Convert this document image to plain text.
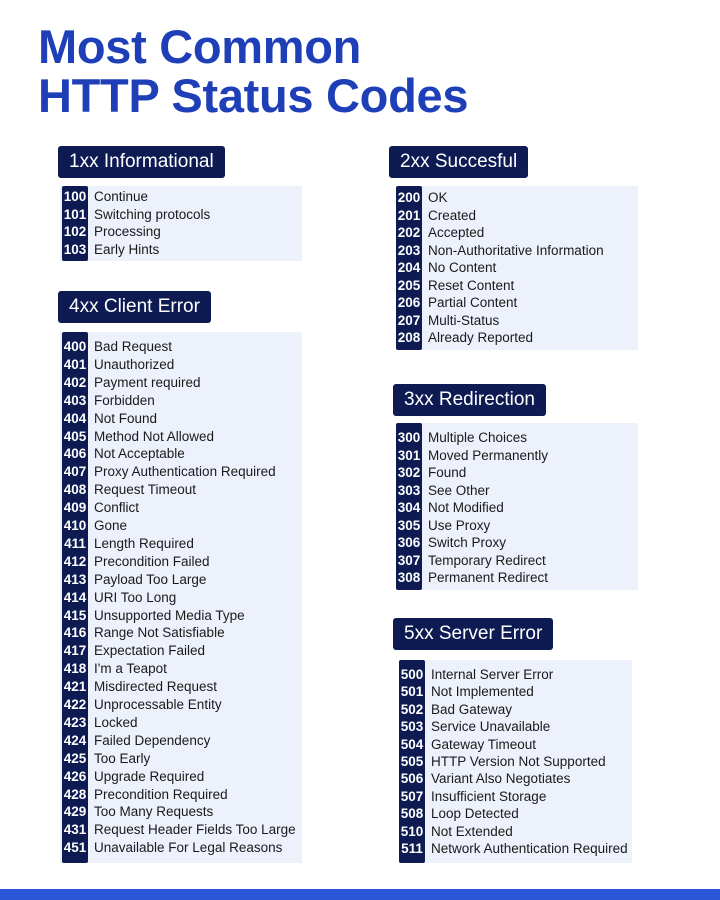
Most Common
HTTP Status Codes
1xx Informational
100 Continue
101 Switching protocols
102 Processing
103 Early Hints
4xx Client Error
400 Bad Request
401 Unauthorized
402 Payment required
403 Forbidden
404 Not Found
405 Method Not Allowed
406 Not Acceptable
407 Proxy Authentication Required
408 Request Timeout
409 Conflict
410 Gone
411 Length Required
412 Precondition Failed
413 Payload Too Large
414 URI Too Long
415 Unsupported Media Type
416 Range Not Satisfiable
417 Expectation Failed
418 I'm a Teapot
421 Misdirected Request
422 Unprocessable Entity
423 Locked
424 Failed Dependency
425 Too Early
426 Upgrade Required
428 Precondition Required
429 Too Many Requests
431 Request Header Fields Too Large
451 Unavailable For Legal Reasons
2xx Succesful
200 OK
201 Created
202 Accepted
203 Non-Authoritative Information
204 No Content
205 Reset Content
206 Partial Content
207 Multi-Status
208 Already Reported
3xx Redirection
300 Multiple Choices
301 Moved Permanently
302 Found
303 See Other
304 Not Modified
305 Use Proxy
306 Switch Proxy
307 Temporary Redirect
308 Permanent Redirect
5xx Server Error
500 Internal Server Error
501 Not Implemented
502 Bad Gateway
503 Service Unavailable
504 Gateway Timeout
505 HTTP Version Not Supported
506 Variant Also Negotiates
507 Insufficient Storage
508 Loop Detected
510 Not Extended
511 Network Authentication Required
